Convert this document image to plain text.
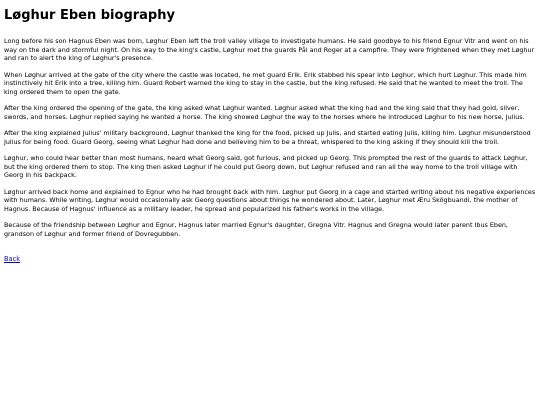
Løghur Eben biography

Long before his son Hagnus Eben was born, Løghur Eben left the troll valley village to investigate humans. He said goodbye to his friend Egnur Vitr and went on his way on the dark and stormful night. On his way to the king's castle, Løghur met the guards Pål and Roger at a campfire. They were frightened when they met Løghur and ran to alert the king of Løghur's presence.

When Løghur arrived at the gate of the city where the castle was located, he met guard Erik. Erik stabbed his spear into Løghur, which hurt Løghur. This made him instinctively hit Erik into a tree, killing him. Guard Robert warned the king to stay in the castle, but the king refused. He said that he wanted to meet the troll. The king ordered them to open the gate.

After the king ordered the opening of the gate, the king asked what Løghur wanted. Løghur asked what the king had and the king said that they had gold, silver, swords, and horses. Løghur replied saying he wanted a horse. The king showed Løghur the way to the horses where he introduced Løghur to his new horse, Julius.

After the king explained Julius' military background, Løghur thanked the king for the food, picked up Julis, and started eating Julis, killing him. Løghur misunderstood Julius for being food. Guard Georg, seeing what Løghur had done and believing him to be a threat, whispered to the king asking if they should kill the troll.

Løghur, who could hear better than most humans, heard what Georg said, got furious, and picked up Georg. This prompted the rest of the guards to attack Løghur, but the king ordered them to stop. The king then asked Løghur if he could put Georg down, but Løghur refused and ran all the way home to the troll village with Georg in his backpack.

Løghur arrived back home and explained to Egnur who he had brought back with him. Løghur put Georg in a cage and started writing about his negative experiences with humans. While writing, Løghur would occasionally ask Georg questions about things he wondered about. Later, Løghur met Æru Skögbuandi, the mother of Hagnus. Because of Hagnus' influence as a military leader, he spread and popularized his father's works in the village.

Because of the friendship between Løghur and Egnur, Hagnus later married Egnur's daughter, Gregna Vitr. Hagnus and Gregna would later parent Ibus Eben, grandson of Løghur and former friend of Dovregubben.

Back
